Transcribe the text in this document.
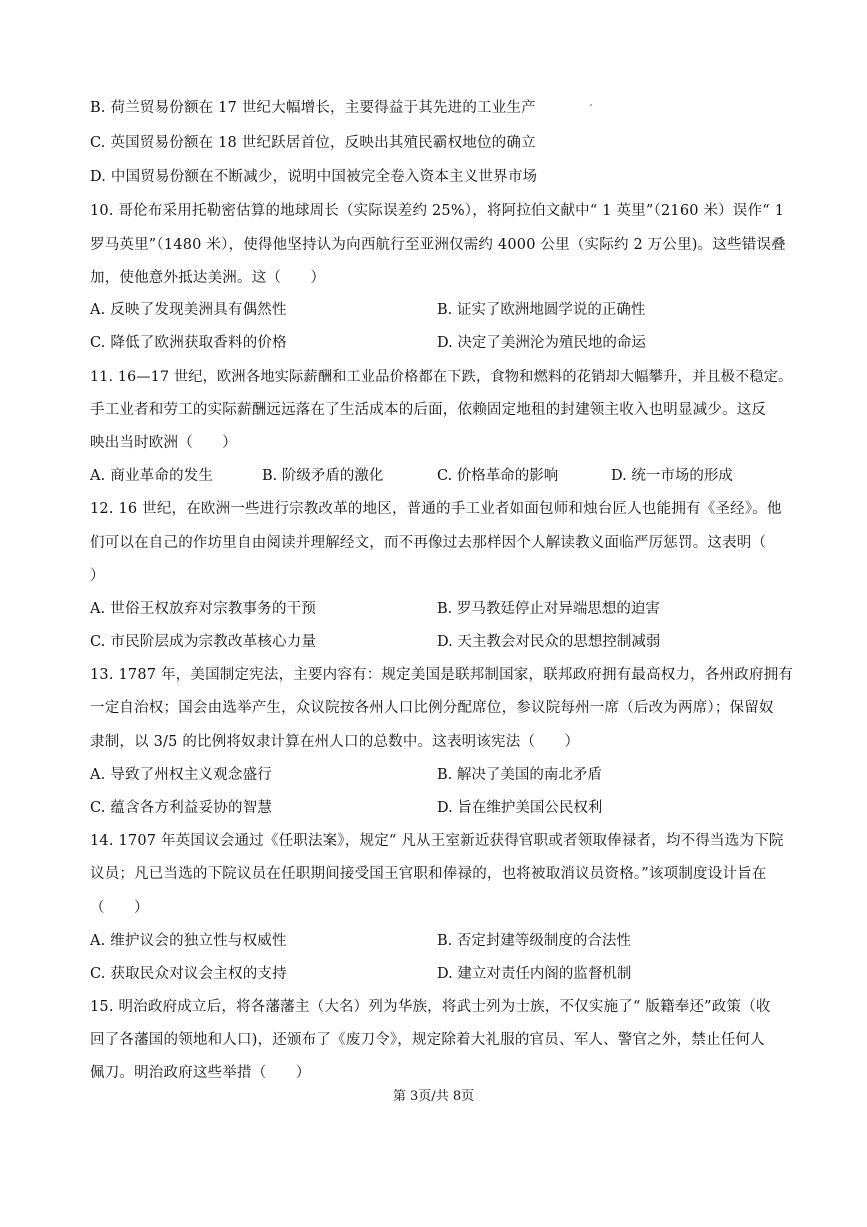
B. 荷兰贸易份额在 17 世纪大幅增长，主要得益于其先进的工业生产
C. 英国贸易份额在 18 世纪跃居首位，反映出其殖民霸权地位的确立
D. 中国贸易份额在不断减少，说明中国被完全卷入资本主义世界市场
10. 哥伦布采用托勒密估算的地球周长（实际误差约 25%），将阿拉伯文献中“ 1 英里”（2160 米）误作“ 1
罗马英里”（1480 米），使得他坚持认为向西航行至亚洲仅需约 4000 公里（实际约 2 万公里)。这些错误叠
加，使他意外抵达美洲。这（　　）
A. 反映了发现美洲具有偶然性	B. 证实了欧洲地圆学说的正确性
C. 降低了欧洲获取香料的价格	D. 决定了美洲沦为殖民地的命运
11. 16—17 世纪，欧洲各地实际薪酬和工业品价格都在下跌，食物和燃料的花销却大幅攀升，并且极不稳定。
手工业者和劳工的实际薪酬远远落在了生活成本的后面，依赖固定地租的封建领主收入也明显减少。这反
映出当时欧洲（　　）
A. 商业革命的发生	B. 阶级矛盾的激化	C. 价格革命的影响	D. 统一市场的形成
12. 16 世纪，在欧洲一些进行宗教改革的地区，普通的手工业者如面包师和烛台匠人也能拥有《圣经》。他
们可以在自己的作坊里自由阅读并理解经文，而不再像过去那样因个人解读教义面临严厉惩罚。这表明（
）
A. 世俗王权放弃对宗教事务的干预	B. 罗马教廷停止对异端思想的迫害
C. 市民阶层成为宗教改革核心力量	D. 天主教会对民众的思想控制减弱
13. 1787 年，美国制定宪法，主要内容有：规定美国是联邦制国家，联邦政府拥有最高权力，各州政府拥有
一定自治权；国会由选举产生，众议院按各州人口比例分配席位，参议院每州一席（后改为两席）；保留奴
隶制，以 3/5 的比例将奴隶计算在州人口的总数中。这表明该宪法（　　）
A. 导致了州权主义观念盛行	B. 解决了美国的南北矛盾
C. 蕴含各方利益妥协的智慧	D. 旨在维护美国公民权利
14. 1707 年英国议会通过《任职法案》，规定“ 凡从王室新近获得官职或者领取俸禄者，均不得当选为下院
议员；凡已当选的下院议员在任职期间接受国王官职和俸禄的，也将被取消议员资格。”该项制度设计旨在
（　　）
A. 维护议会的独立性与权威性	B. 否定封建等级制度的合法性
C. 获取民众对议会主权的支持	D. 建立对责任内阁的监督机制
15. 明治政府成立后，将各藩藩主（大名）列为华族，将武士列为士族，不仅实施了“ 版籍奉还”政策（收
回了各藩国的领地和人口)，还颁布了《废刀令》，规定除着大礼服的官员、军人、警官之外，禁止任何人
佩刀。明治政府这些举措（　　）
第 3页/共 8页
